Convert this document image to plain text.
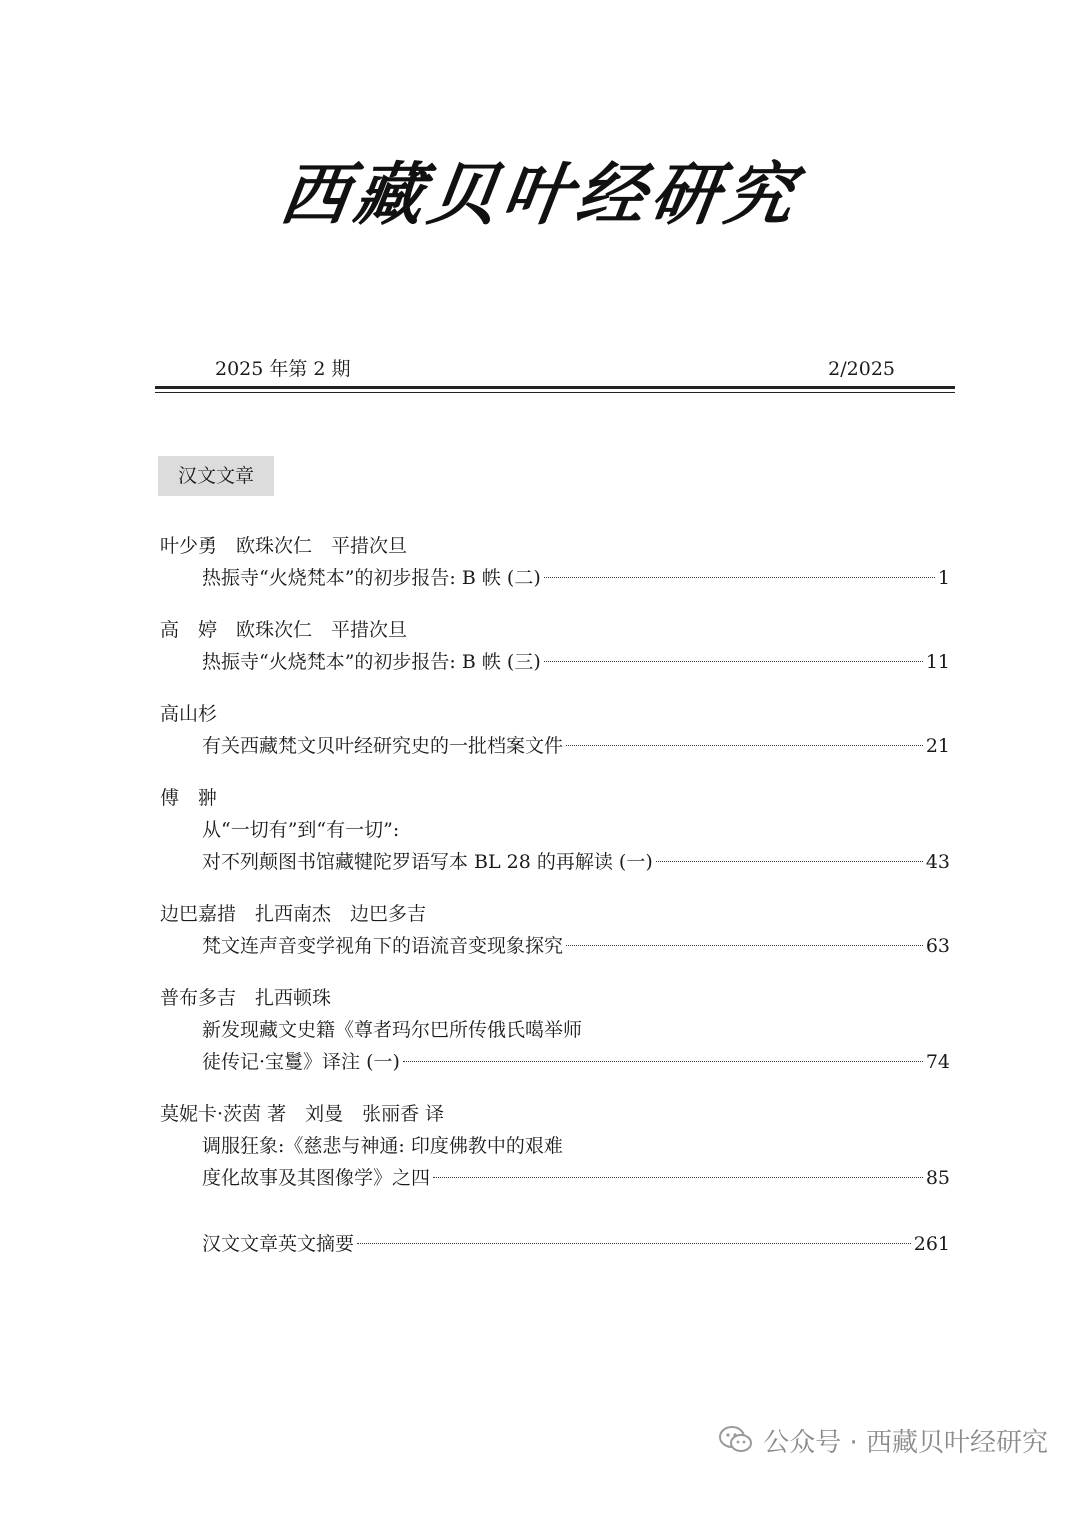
西藏贝叶经研究
2025 年第 2 期	2/2025
汉文文章
叶少勇　欧珠次仁　平措次旦
热振寺“火烧梵本”的初步报告: B 帙 (二)	1
高　婷　欧珠次仁　平措次旦
热振寺“火烧梵本”的初步报告: B 帙 (三)	11
高山杉
有关西藏梵文贝叶经研究史的一批档案文件	21
傅　翀
从“一切有”到“有一切”:
对不列颠图书馆藏犍陀罗语写本 BL 28 的再解读 (一)	43
边巴嘉措　扎西南杰　边巴多吉
梵文连声音变学视角下的语流音变现象探究	63
普布多吉　扎西顿珠
新发现藏文史籍《尊者玛尔巴所传俄氏噶举师
徒传记·宝鬘》译注 (一)	74
莫妮卡·茨茵 著　刘曼　张丽香 译
调服狂象:《慈悲与神通: 印度佛教中的艰难
度化故事及其图像学》之四	85
汉文文章英文摘要	261
公众号 · 西藏贝叶经研究
